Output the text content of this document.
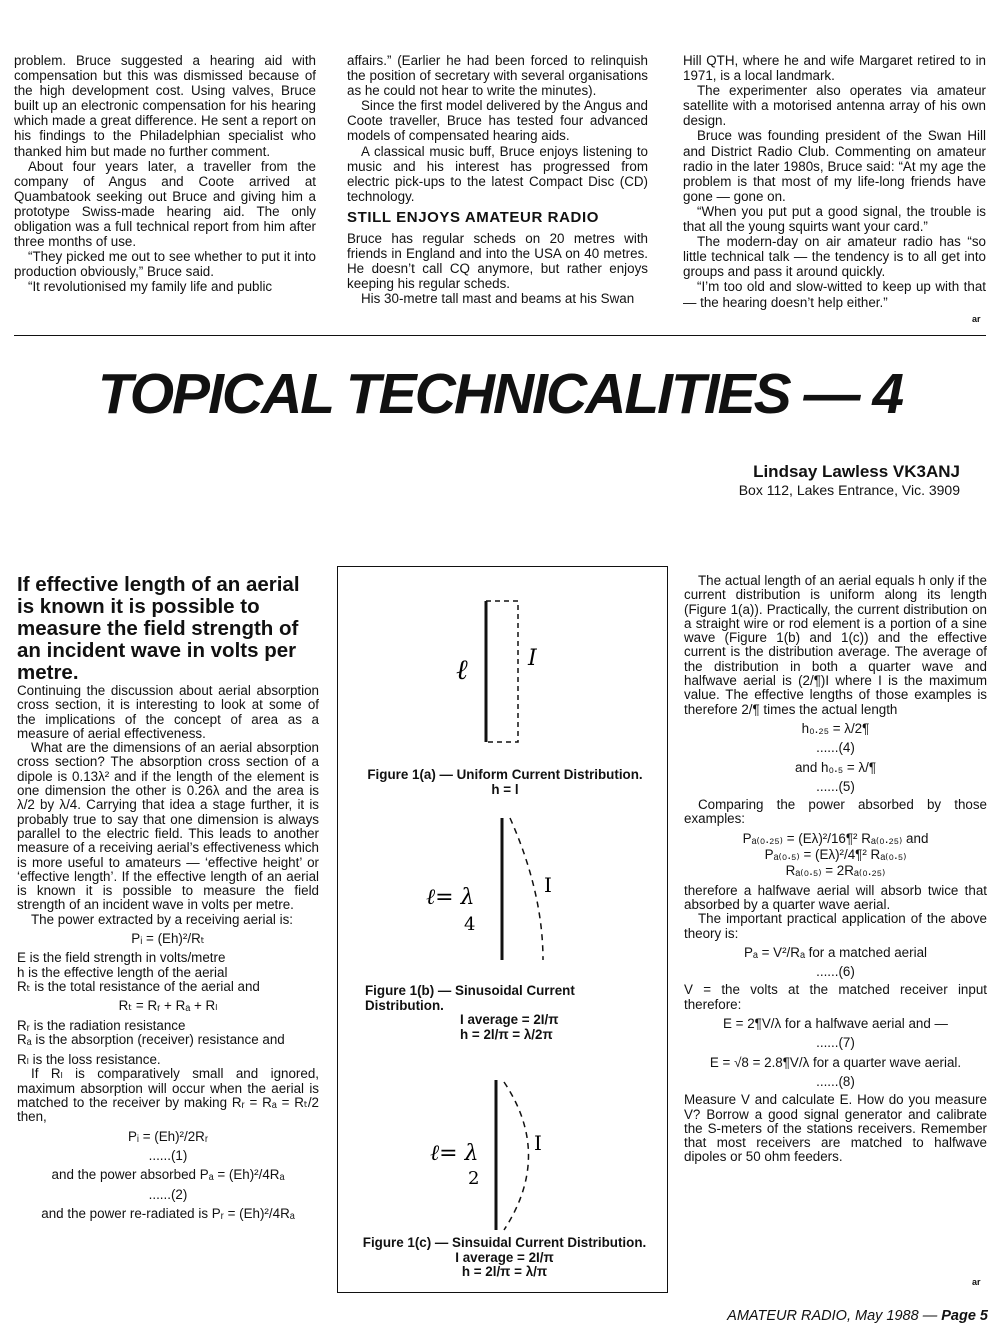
problem. Bruce suggested a hearing aid with compensation but this was dismissed because of the high development cost. Using valves, Bruce built up an electronic compensation for his hearing which made a great difference. He sent a report on his findings to the Philadelphian specialist who thanked him but made no further comment.

About four years later, a traveller from the company of Angus and Coote arrived at Quambatook seeking out Bruce and giving him a prototype Swiss-made hearing aid. The only obligation was a full technical report from him after three months of use.

“They picked me out to see whether to put it into production obviously,” Bruce said.

“It revolutionised my family life and public

affairs.” (Earlier he had been forced to relinquish the position of secretary with several organisations as he could not hear to write the minutes).

Since the first model delivered by the Angus and Coote traveller, Bruce has tested four advanced models of compensated hearing aids.

A classical music buff, Bruce enjoys listening to music and his interest has progressed from electric pick-ups to the latest Compact Disc (CD) technology.

STILL ENJOYS AMATEUR RADIO

Bruce has regular scheds on 20 metres with friends in England and into the USA on 40 metres. He doesn’t call CQ anymore, but rather enjoys keeping his regular scheds.

His 30-metre tall mast and beams at his Swan

Hill QTH, where he and wife Margaret retired to in 1971, is a local landmark.

The experimenter also operates via amateur satellite with a motorised antenna array of his own design.

Bruce was founding president of the Swan Hill and District Radio Club. Commenting on amateur radio in the later 1980s, Bruce said: “At my age the problem is that most of my life-long friends have gone — gone on.

“When you put put a good signal, the trouble is that all the young squirts want your card.”

The modern-day on air amateur radio has “so little technical talk — the tendency is to all get into groups and pass it around quickly.

“I’m too old and slow-witted to keep up with that — the hearing doesn’t help either.”

ar
TOPICAL TECHNICALITIES — 4
Lindsay Lawless VK3ANJ
Box 112, Lakes Entrance, Vic. 3909

If effective length of an aerial is known it is possible to measure the field strength of an incident wave in volts per metre.

Continuing the discussion about aerial absorption cross section, it is interesting to look at some of the implications of the concept of area as a measure of aerial effectiveness.

What are the dimensions of an aerial absorption cross section? The absorption cross section of a dipole is 0.13λ² and if the length of the element is one dimension the other is 0.26λ and the area is λ/2 by λ/4. Carrying that idea a stage further, it is probably true to say that one dimension is always parallel to the electric field. This leads to another measure of a receiving aerial’s effectiveness which is more useful to amateurs — ‘effective height’ or ‘effective length’. If the effective length of an aerial is known it is possible to measure the field strength of an incident wave in volts per metre.

The power extracted by a receiving aerial is:

Pᵢ = (Eh)²/Rₜ

E is the field strength in volts/metre

h is the effective length of the aerial

Rₜ is the total resistance of the aerial and

Rₜ = Rᵣ + Rₐ + Rₗ

Rᵣ is the radiation resistance

Rₐ is the absorption (receiver) resistance and

Rₗ is the loss resistance.

If Rₗ is comparatively small and ignored, maximum absorption will occur when the aerial is matched to the receiver by making Rᵣ = Rₐ = Rₜ/2 then,

Pᵢ = (Eh)²/2Rᵣ

......(1)

and the power absorbed Pₐ = (Eh)²/4Rₐ

......(2)

and the power re-radiated is Pᵣ = (Eh)²/4Rₐ

ℓ	I
Figure 1(a) — Uniform Current Distribution.
h = l
ℓ= λ
4
I
Figure 1(b) — Sinusoidal Current
Distribution.
I average = 2I/π
h = 2l/π = λ/2π
ℓ= λ
2
I
Figure 1(c) — Sinsuidal Current Distribution.
I average = 2I/π
h = 2l/π = λ/π

The actual length of an aerial equals h only if the current distribution is uniform along its length (Figure 1(a)). Practically, the current distribution on a straight wire or rod element is a portion of a sine wave (Figure 1(b) and 1(c)) and the effective current is the distribution average. The average of the distribution in both a quarter wave and halfwave aerial is (2/¶)I where I is the maximum value. The effective lengths of those examples is therefore 2/¶ times the actual length

h₀.₂₅ = λ/2¶

......(4)

and h₀.₅ = λ/¶

......(5)

Comparing the power absorbed by those examples:

Pₐ₍₀.₂₅₎ = (Eλ)²/16¶² Rₐ₍₀.₂₅₎ and

Pₐ₍₀.₅₎ = (Eλ)²/4¶² Rₐ₍₀.₅₎

Rₐ₍₀.₅₎ = 2Rₐ₍₀.₂₅₎

therefore a halfwave aerial will absorb twice that absorbed by a quarter wave aerial.

The important practical application of the above theory is:

Pₐ = V²/Rₐ for a matched aerial

......(6)

V = the volts at the matched receiver input therefore:

E = 2¶V/λ for a halfwave aerial and —

......(7)

E = √8 = 2.8¶V/λ for a quarter wave aerial.

......(8)

Measure V and calculate E. How do you measure V? Borrow a good signal generator and calibrate the S-meters of the stations receivers. Remember that most receivers are matched to halfwave dipoles or 50 ohm feeders.

ar
AMATEUR RADIO, May 1988 — Page 5
